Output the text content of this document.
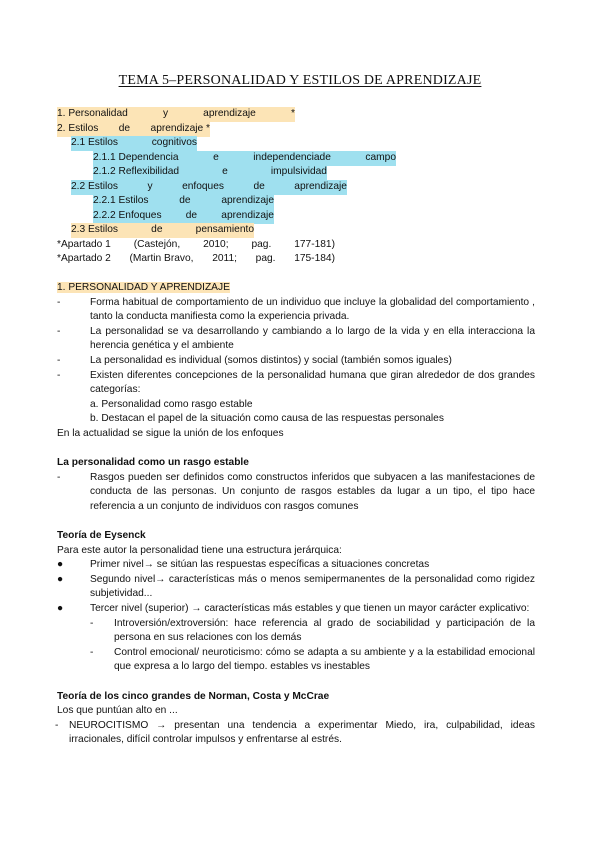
TEMA 5–PERSONALIDAD Y ESTILOS DE APRENDIZAJE
1. Personalidad	y	aprendizaje	*
2. Estilos de aprendizaje *
2.1 Estilos	cognitivos
2.1.1 Dependencia	e	independenciade	campo
2.1.2 Reflexibilidad	e	impulsividad
2.2 Estilos	y	enfoques	de	aprendizaje
2.2.1 Estilos	de	aprendizaje
2.2.2 Enfoques de aprendizaje
2.3 Estilos	de	pensamiento
*Apartado 1 (Castejón, 2010; pag. 177-181)
*Apartado 2 (Martin Bravo, 2011; pag. 175-184)
1. PERSONALIDAD Y APRENDIZAJE
-	Forma habitual de comportamiento de un individuo que incluye la globalidad del comportamiento , tanto la conducta manifiesta como la experiencia privada.
-	La personalidad se va desarrollando y cambiando a lo largo de la vida y en ella interacciona la herencia genética y el ambiente
-	La personalidad es individual (somos distintos) y social (también somos iguales)
-	Existen diferentes concepciones de la personalidad humana que giran alrededor de dos grandes categorías:
a. Personalidad como rasgo estable
b. Destacan el papel de la situación como causa de las respuestas personales
En la actualidad se sigue la unión de los enfoques
La personalidad como un rasgo estable
-	Rasgos pueden ser definidos como constructos inferidos que subyacen a las manifestaciones de conducta de las personas. Un conjunto de rasgos estables da lugar a un tipo, el tipo hace referencia a un conjunto de individuos con rasgos comunes
Teoría de Eysenck
Para este autor la personalidad tiene una estructura jerárquica:
●	Primer nivel→ se sitúan las respuestas específicas a situaciones concretas
●	Segundo nivel→ características más o menos semipermanentes de la personalidad como rigidez subjetividad...
●	Tercer nivel (superior) → características más estables y que tienen un mayor carácter explicativo:
-	Introversión/extroversión: hace referencia al grado de sociabilidad y participación de la persona en sus relaciones con los demás
-	Control emocional/ neuroticismo: cómo se adapta a su ambiente y a la estabilidad emocional que expresa a lo largo del tiempo. estables vs inestables
Teoría de los cinco grandes de Norman, Costa y McCrae
Los que puntúan alto en ...
-	NEUROCITISMO → presentan una tendencia a experimentar Miedo, ira, culpabilidad, ideas irracionales, difícil controlar impulsos y enfrentarse al estrés.
